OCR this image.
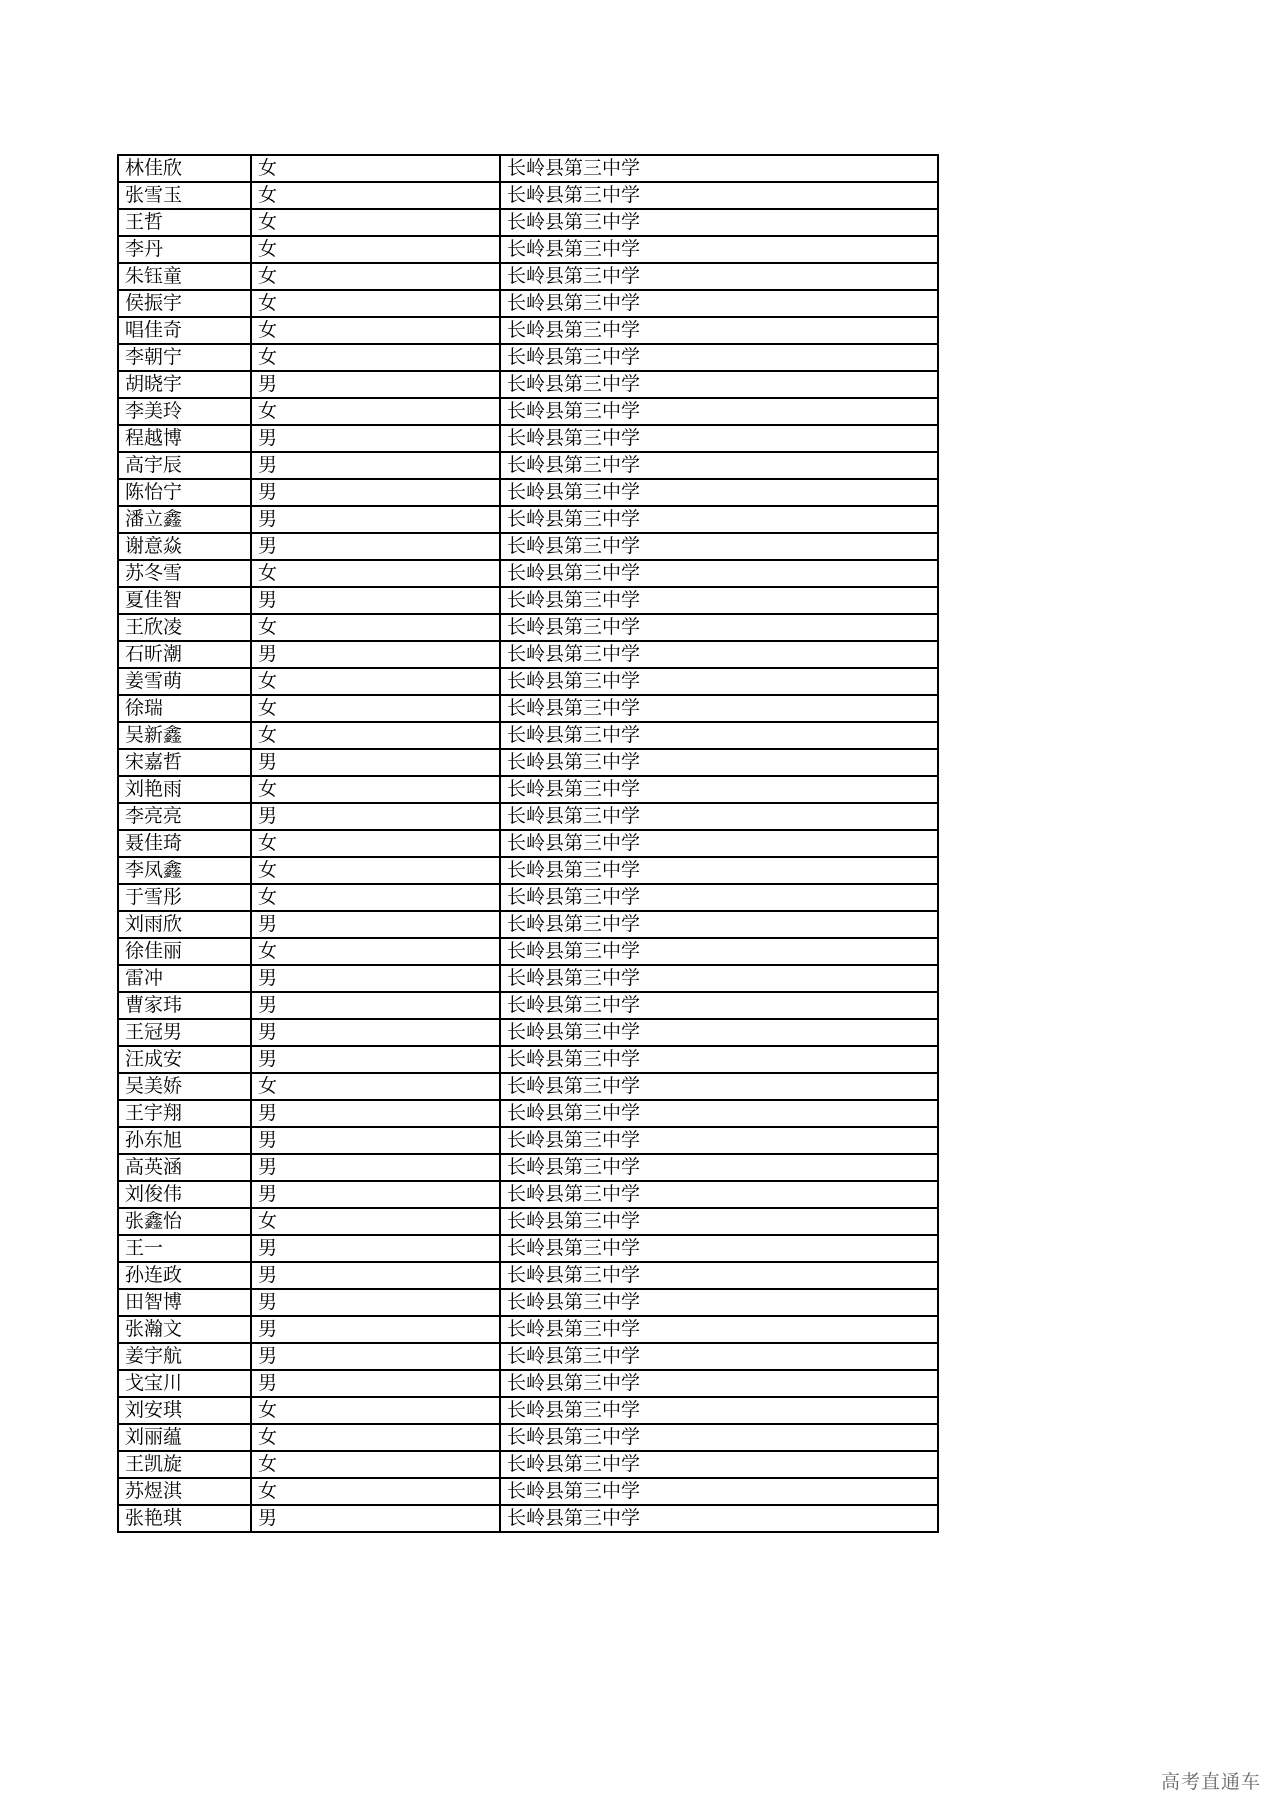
林佳欣	女	长岭县第三中学
张雪玉	女	长岭县第三中学
王哲	女	长岭县第三中学
李丹	女	长岭县第三中学
朱钰童	女	长岭县第三中学
侯振宇	女	长岭县第三中学
唱佳奇	女	长岭县第三中学
李朝宁	女	长岭县第三中学
胡晓宇	男	长岭县第三中学
李美玲	女	长岭县第三中学
程越博	男	长岭县第三中学
高宇辰	男	长岭县第三中学
陈怡宁	男	长岭县第三中学
潘立鑫	男	长岭县第三中学
谢意焱	男	长岭县第三中学
苏冬雪	女	长岭县第三中学
夏佳智	男	长岭县第三中学
王欣凌	女	长岭县第三中学
石昕潮	男	长岭县第三中学
姜雪萌	女	长岭县第三中学
徐瑞	女	长岭县第三中学
吴新鑫	女	长岭县第三中学
宋嘉哲	男	长岭县第三中学
刘艳雨	女	长岭县第三中学
李亮亮	男	长岭县第三中学
聂佳琦	女	长岭县第三中学
李凤鑫	女	长岭县第三中学
于雪彤	女	长岭县第三中学
刘雨欣	男	长岭县第三中学
徐佳丽	女	长岭县第三中学
雷冲	男	长岭县第三中学
曹家玮	男	长岭县第三中学
王冠男	男	长岭县第三中学
汪成安	男	长岭县第三中学
吴美娇	女	长岭县第三中学
王宇翔	男	长岭县第三中学
孙东旭	男	长岭县第三中学
高英涵	男	长岭县第三中学
刘俊伟	男	长岭县第三中学
张鑫怡	女	长岭县第三中学
王一	男	长岭县第三中学
孙连政	男	长岭县第三中学
田智博	男	长岭县第三中学
张瀚文	男	长岭县第三中学
姜宇航	男	长岭县第三中学
戈宝川	男	长岭县第三中学
刘安琪	女	长岭县第三中学
刘丽蕴	女	长岭县第三中学
王凯旋	女	长岭县第三中学
苏煜淇	女	长岭县第三中学
张艳琪	男	长岭县第三中学
高考直通车
